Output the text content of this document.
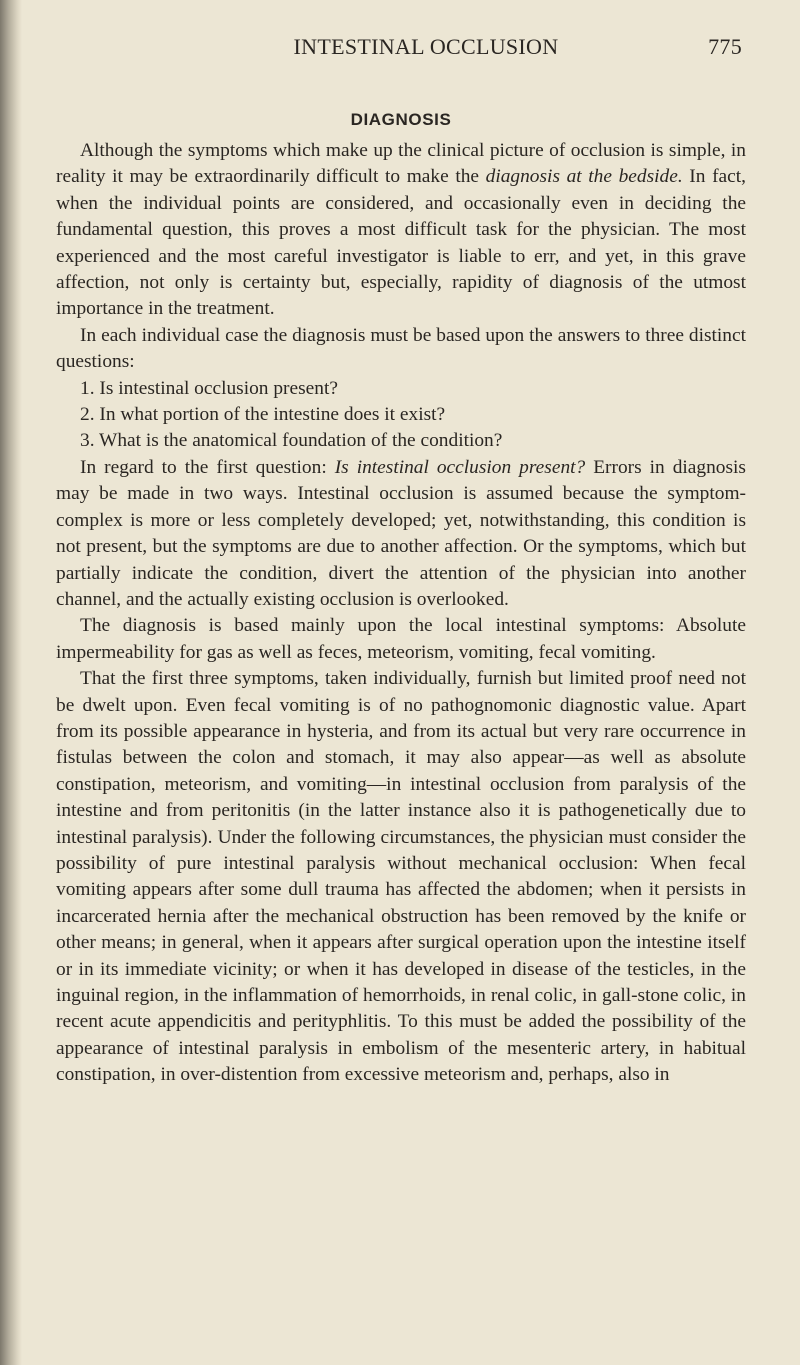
INTESTINAL OCCLUSION	775
DIAGNOSIS

Although the symptoms which make up the clinical picture of occlusion is simple, in reality it may be extraordinarily difficult to make the diagnosis at the bedside. In fact, when the individual points are considered, and occasionally even in deciding the fundamental question, this proves a most difficult task for the physician. The most experienced and the most careful investigator is liable to err, and yet, in this grave affection, not only is certainty but, especially, rapidity of diagnosis of the utmost importance in the treatment.

In each individual case the diagnosis must be based upon the answers to three distinct questions:

1. Is intestinal occlusion present?

2. In what portion of the intestine does it exist?

3. What is the anatomical foundation of the condition?

In regard to the first question: Is intestinal occlusion present? Errors in diagnosis may be made in two ways. Intestinal occlusion is assumed because the symptom-complex is more or less completely developed; yet, notwithstanding, this condition is not present, but the symptoms are due to another affection. Or the symptoms, which but partially indicate the condition, divert the attention of the physician into another channel, and the actually existing occlusion is overlooked.

The diagnosis is based mainly upon the local intestinal symptoms: Absolute impermeability for gas as well as feces, meteorism, vomiting, fecal vomiting.

That the first three symptoms, taken individually, furnish but limited proof need not be dwelt upon. Even fecal vomiting is of no pathognomonic diagnostic value. Apart from its possible appearance in hysteria, and from its actual but very rare occurrence in fistulas between the colon and stomach, it may also appear—as well as absolute constipation, meteorism, and vomiting—in intestinal occlusion from paralysis of the intestine and from peritonitis (in the latter instance also it is pathogenetically due to intestinal paralysis). Under the following circumstances, the physician must consider the possibility of pure intestinal paralysis without mechanical occlusion: When fecal vomiting appears after some dull trauma has affected the abdomen; when it persists in incarcerated hernia after the mechanical obstruction has been removed by the knife or other means; in general, when it appears after surgical operation upon the intestine itself or in its immediate vicinity; or when it has developed in disease of the testicles, in the inguinal region, in the inflammation of hemorrhoids, in renal colic, in gall-stone colic, in recent acute appendicitis and perityphlitis. To this must be added the possibility of the appearance of intestinal paralysis in embolism of the mesenteric artery, in habitual constipation, in over-distention from excessive meteorism and, perhaps, also in
